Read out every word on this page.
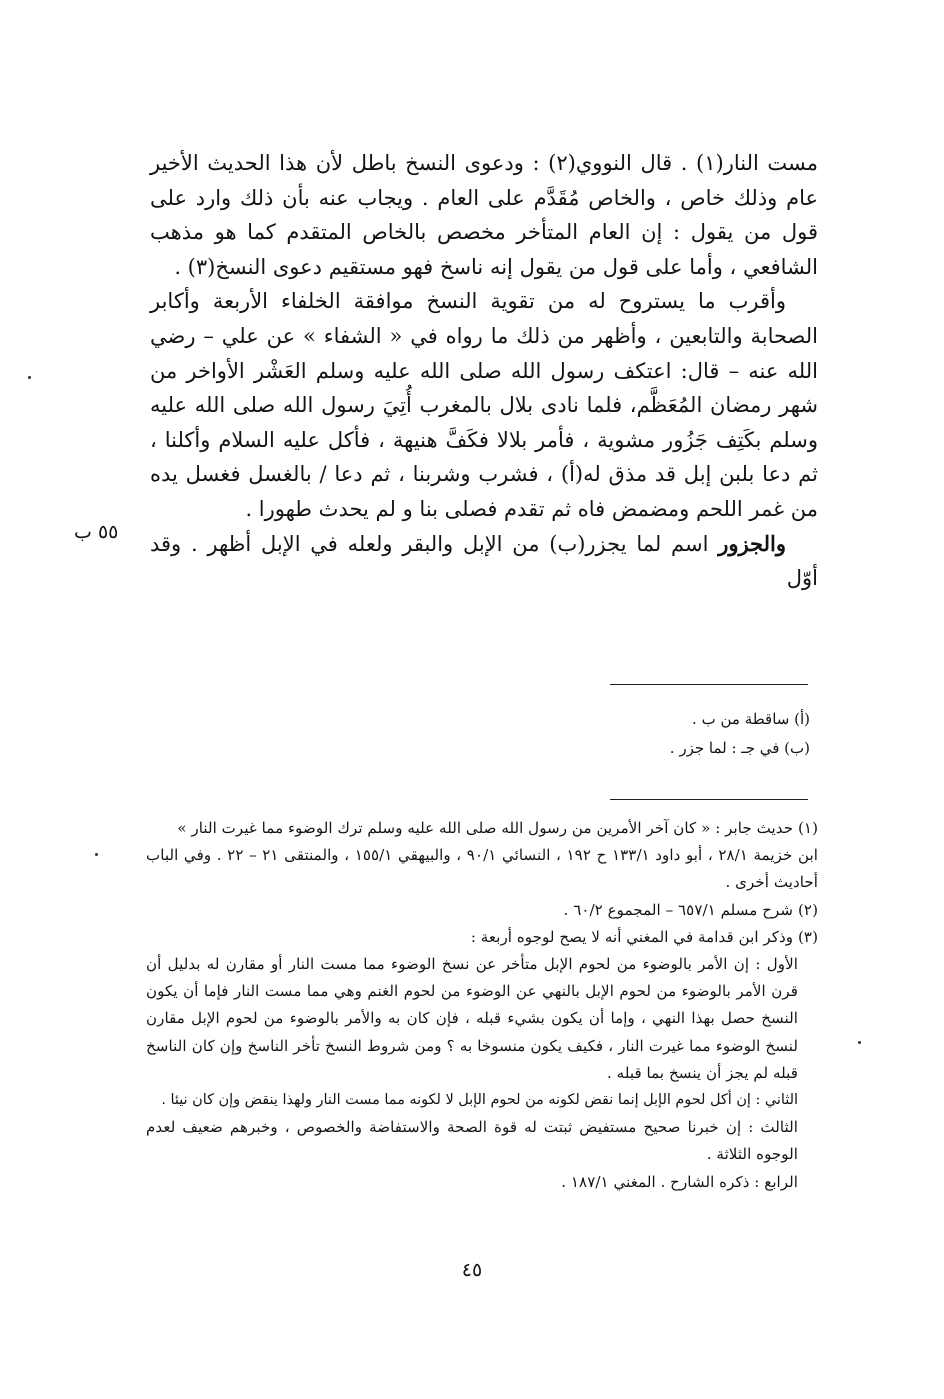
مست النار(١) . قال النووي(٢) : ودعوى النسخ باطل لأن هذا الحديث الأخير عام وذلك خاص ، والخاص مُقَدَّم على العام . ويجاب عنه بأن ذلك وارد على قول من يقول : إن العام المتأخر مخصص بالخاص المتقدم كما هو مذهب الشافعي ، وأما على قول من يقول إنه ناسخ فهو مستقيم دعوى النسخ(٣) .

وأقرب ما يستروح له من تقوية النسخ موافقة الخلفاء الأربعة وأكابر الصحابة والتابعين ، وأظهر من ذلك ما رواه في « الشفاء » عن علي – رضي الله عنه – قال: اعتكف رسول الله صلى الله عليه وسلم العَشْر الأواخر من شهر رمضان المُعَظَّم، فلما نادى بلال بالمغرب أُتِيَ رسول الله صلى الله عليه وسلم بكَتِف جَزُور مشوية ، فأمر بلالا فكَفَّ هنيهة ، فأكل عليه السلام وأكلنا ، ثم دعا بلبن إبل قد مذق له(أ) ، فشرب وشربنا ، ثم دعا / بالغسل فغسل يده من غمر اللحم ومضمض فاه ثم تقدم فصلى بنا و لم يحدث طهورا .

والجزور اسم لما يجزر(ب) من الإبل والبقر ولعله في الإبل أظهر . وقد أوّل

٥٥ ب
(أ) ساقطة من ب .
(ب) في جـ : لما جزر .
(١) حديث جابر : « كان آخر الأمرين من رسول الله صلى الله عليه وسلم ترك الوضوء مما غيرت النار »
ابن خزيمة ٢٨/١ ، أبو داود ١٣٣/١ ح ١٩٢ ، النسائي ٩٠/١ ، والبيهقي ١٥٥/١ ، والمنتقى ٢١ – ٢٢ . وفي الباب أحاديث أخرى .
(٢) شرح مسلم ٦٥٧/١ – المجموع ٦٠/٢ .
(٣) وذكر ابن قدامة في المغني أنه لا يصح لوجوه أربعة :
الأول : إن الأمر بالوضوء من لحوم الإبل متأخر عن نسخ الوضوء مما مست النار أو مقارن له بدليل أن قرن الأمر بالوضوء من لحوم الإبل بالنهي عن الوضوء من لحوم الغنم وهي مما مست النار فإما أن يكون النسخ حصل بهذا النهي ، وإما أن يكون بشيء قبله ، فإن كان به والأمر بالوضوء من لحوم الإبل مقارن لنسخ الوضوء مما غيرت النار ، فكيف يكون منسوخا به ؟ ومن شروط النسخ تأخر الناسخ وإن كان الناسخ قبله لم يجز أن ينسخ بما قبله .
الثاني : إن أكل لحوم الإبل إنما نقض لكونه من لحوم الإبل لا لكونه مما مست النار ولهذا ينقض وإن كان نيئا .
الثالث : إن خبرنا صحيح مستفيض ثبتت له قوة الصحة والاستفاضة والخصوص ، وخبرهم ضعيف لعدم الوجوه الثلاثة .
الرابع : ذكره الشارح . المغني ١٨٧/١ .
٤٥
